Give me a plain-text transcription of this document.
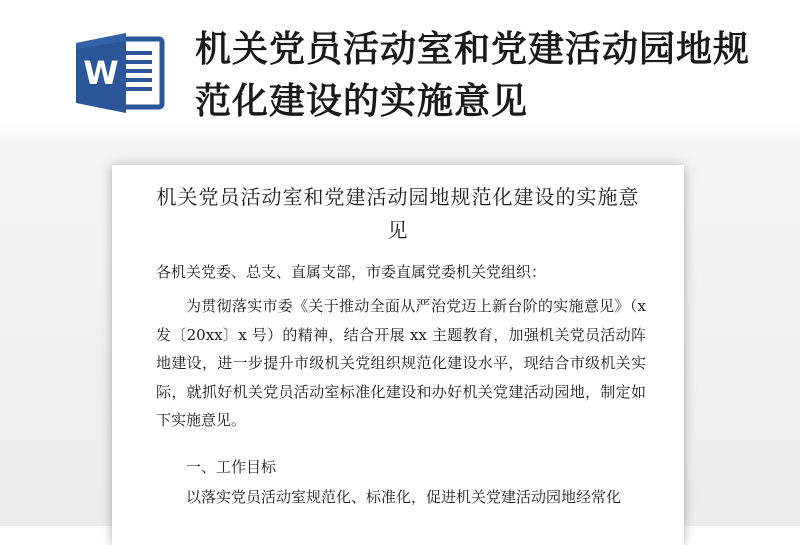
W
机关党员活动室和党建活动园地规范化建设的实施意见
机关党员活动室和党建活动园地规范化建设的实施意见
各机关党委、总支、直属支部，市委直属党委机关党组织：
为贯彻落实市委《关于推动全面从严治党迈上新台阶的实施意见》（x 发〔20xx〕x 号）的精神，结合开展 xx 主题教育，加强机关党员活动阵地建设，进一步提升市级机关党组织规范化建设水平，现结合市级机关实际，就抓好机关党员活动室标准化建设和办好机关党建活动园地，制定如下实施意见。
一、工作目标
以落实党员活动室规范化、标准化，促进机关党建活动园地经常化
